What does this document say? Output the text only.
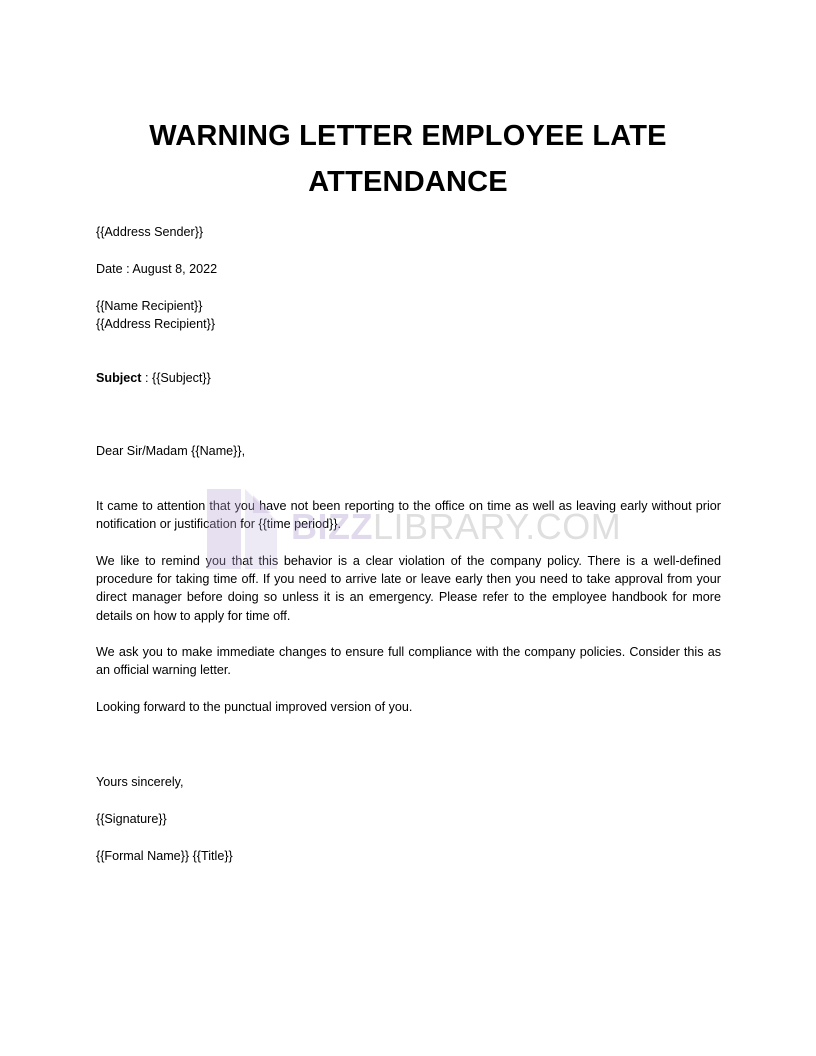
WARNING LETTER EMPLOYEE LATE ATTENDANCE

{{Address Sender}}

Date : August 8, 2022

{{Name Recipient}}

{{Address Recipient}}

Subject : {{Subject}}

Dear Sir/Madam {{Name}},

It came to attention that you have not been reporting to the office on time as well as leaving early without prior notification or justification for {{time period}}.

We like to remind you that this behavior is a clear violation of the company policy. There is a well-defined procedure for taking time off. If you need to arrive late or leave early then you need to take approval from your direct manager before doing so unless it is an emergency. Please refer to the employee handbook for more details on how to apply for time off.

We ask you to make immediate changes to ensure full compliance with the company policies. Consider this as an official warning letter.

Looking forward to the punctual improved version of you.

Yours sincerely,

{{Signature}}

{{Formal Name}} {{Title}}

BIZZLIBRARY.COM
